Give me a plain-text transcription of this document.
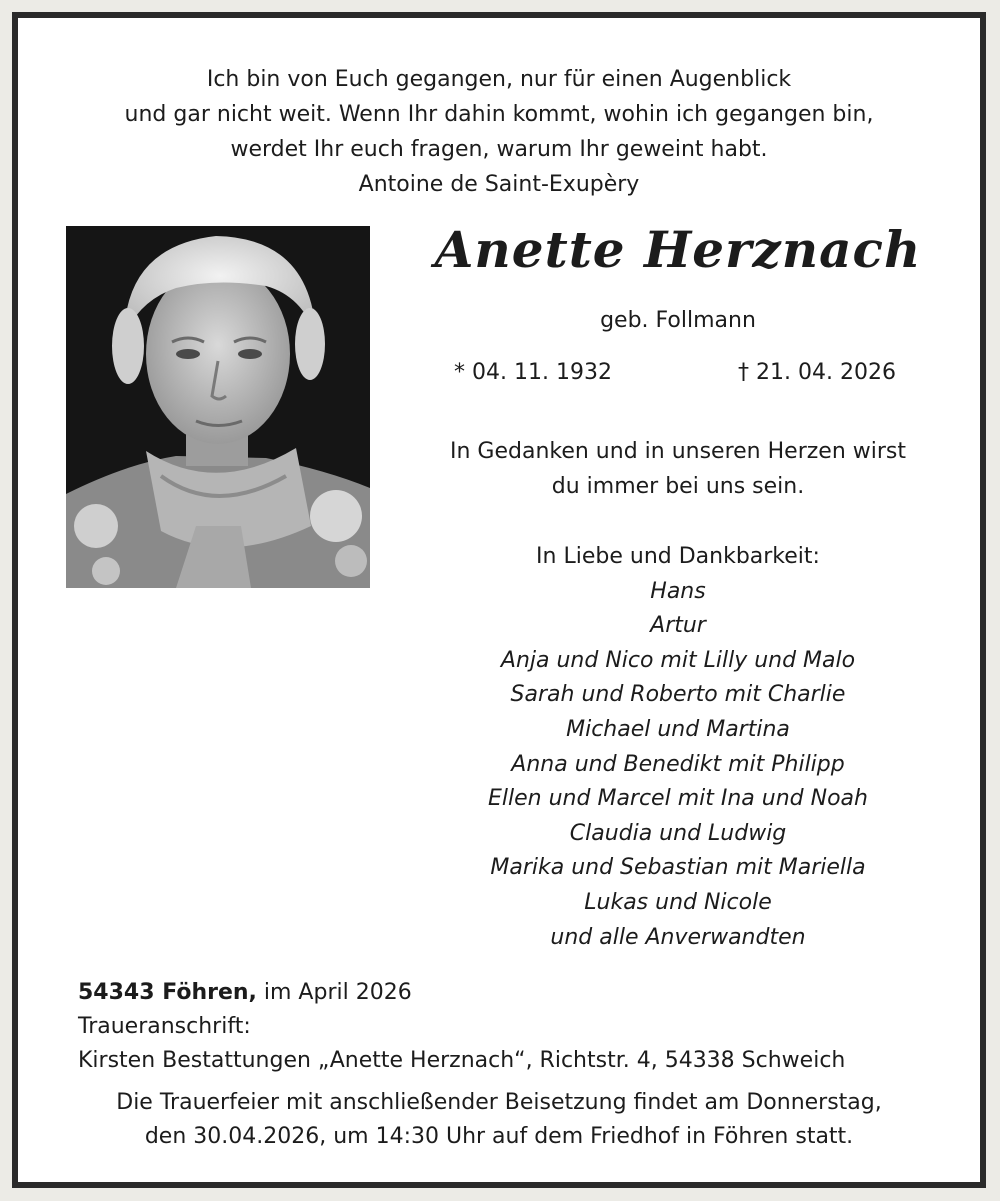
Ich bin von Euch gegangen, nur für einen Augenblick
und gar nicht weit. Wenn Ihr dahin kommt, wohin ich gegangen bin,
werdet Ihr euch fragen, warum Ihr geweint habt.
Antoine de Saint-Exupèry
Anette Herznach
geb. Follmann
* 04. 11. 1932	† 21. 04. 2026
In Gedanken und in unseren Herzen wirst
du immer bei uns sein.
In Liebe und Dankbarkeit:
Hans
Artur
Anja und Nico mit Lilly und Malo
Sarah und Roberto mit Charlie
Michael und Martina
Anna und Benedikt mit Philipp
Ellen und Marcel mit Ina und Noah
Claudia und Ludwig
Marika und Sebastian mit Mariella
Lukas und Nicole
und alle Anverwandten
54343 Föhren, im April 2026
Traueranschrift:
Kirsten Bestattungen „Anette Herznach“, Richtstr. 4, 54338 Schweich
Die Trauerfeier mit anschließender Beisetzung findet am Donnerstag,
den 30.04.2026, um 14:30 Uhr auf dem Friedhof in Föhren statt.
